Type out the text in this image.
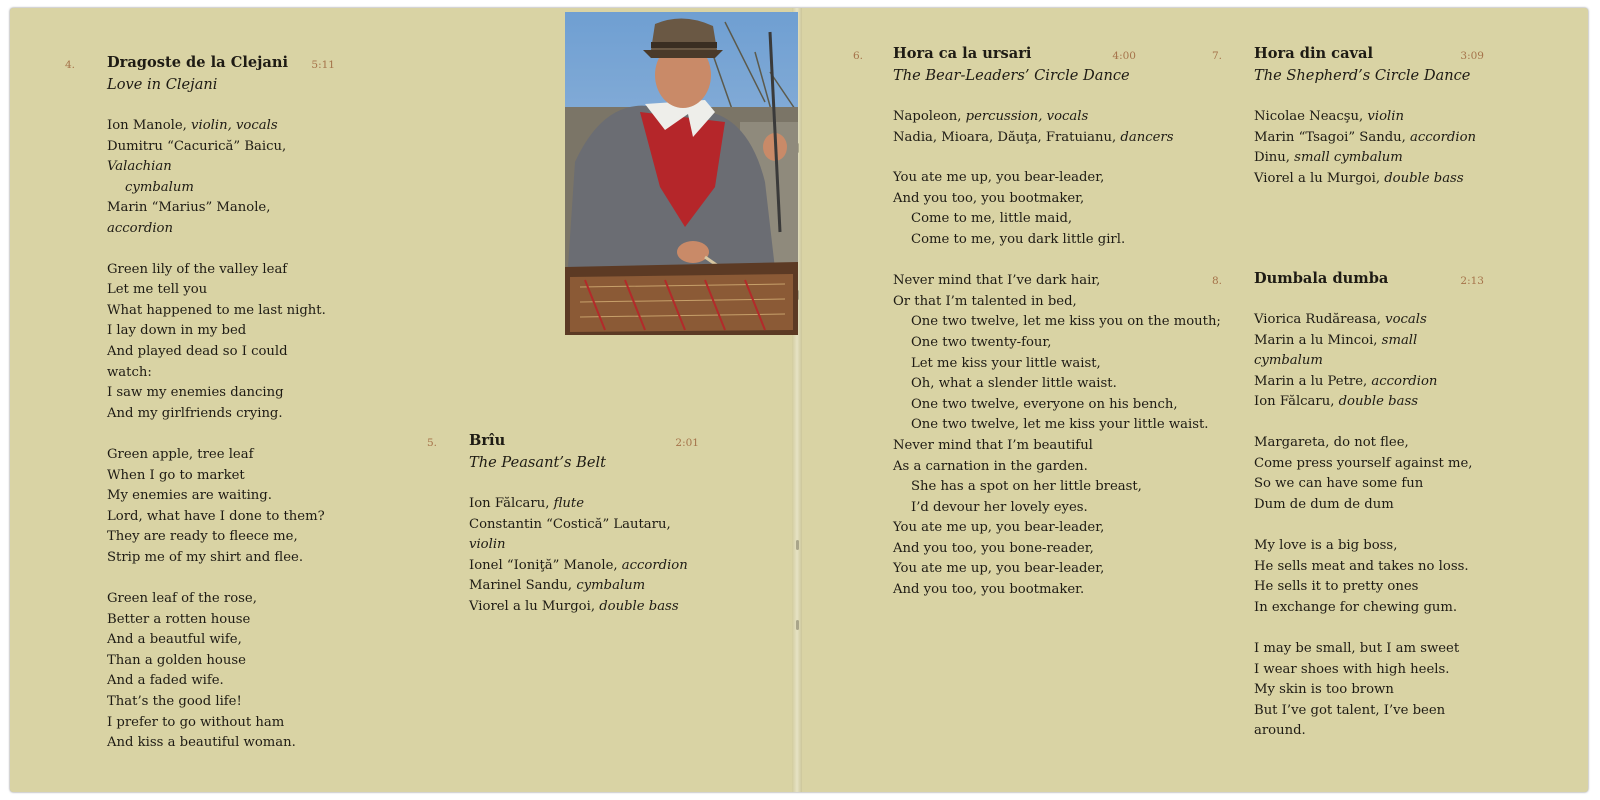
4.	5:11
Dragoste de la Clejani
Love in Clejani
Ion Manole, violin, vocals
Dumitru “Cacurică” Baicu, Valachian
cymbalum
Marin “Marius” Manole, accordion
Green lily of the valley leaf
Let me tell you
What happened to me last night.
I lay down in my bed
And played dead so I could watch:
I saw my enemies dancing
And my girlfriends crying.
Green apple, tree leaf
When I go to market
My enemies are waiting.
Lord, what have I done to them?
They are ready to fleece me,
Strip me of my shirt and flee.
Green leaf of the rose,
Better a rotten house
And a beautful wife,
Than a golden house
And a faded wife.
That’s the good life!
I prefer to go without ham
And kiss a beautiful woman.
5.	2:01
Brîu
The Peasant’s Belt
Ion Fălcaru, flute
Constantin “Costică” Lautaru, violin
Ionel “Ioniţă” Manole, accordion
Marinel Sandu, cymbalum
Viorel a lu Murgoi, double bass
6.	4:00
Hora ca la ursari
The Bear-Leaders’ Circle Dance
Napoleon, percussion, vocals
Nadia, Mioara, Dăuţa, Fratuianu, dancers
You ate me up, you bear-leader,
And you too, you bootmaker,
Come to me, little maid,
Come to me, you dark little girl.
Never mind that I’ve dark hair,
Or that I’m talented in bed,
One two twelve, let me kiss you on the mouth;
One two twenty-four,
Let me kiss your little waist,
Oh, what a slender little waist.
One two twelve, everyone on his bench,
One two twelve, let me kiss your little waist.
Never mind that I’m beautiful
As a carnation in the garden.
She has a spot on her little breast,
I’d devour her lovely eyes.
You ate me up, you bear-leader,
And you too, you bone-reader,
You ate me up, you bear-leader,
And you too, you bootmaker.
7.	3:09
Hora din caval
The Shepherd’s Circle Dance
Nicolae Neacşu, violin
Marin “Tsagoi” Sandu, accordion
Dinu, small cymbalum
Viorel a lu Murgoi, double bass
8.	2:13
Dumbala dumba
Viorica Rudăreasa, vocals
Marin a lu Mincoi, small cymbalum
Marin a lu Petre, accordion
Ion Fălcaru, double bass
Margareta, do not flee,
Come press yourself against me,
So we can have some fun
Dum de dum de dum
My love is a big boss,
He sells meat and takes no loss.
He sells it to pretty ones
In exchange for chewing gum.
I may be small, but I am sweet
I wear shoes with high heels.
My skin is too brown
But I’ve got talent, I’ve been around.
